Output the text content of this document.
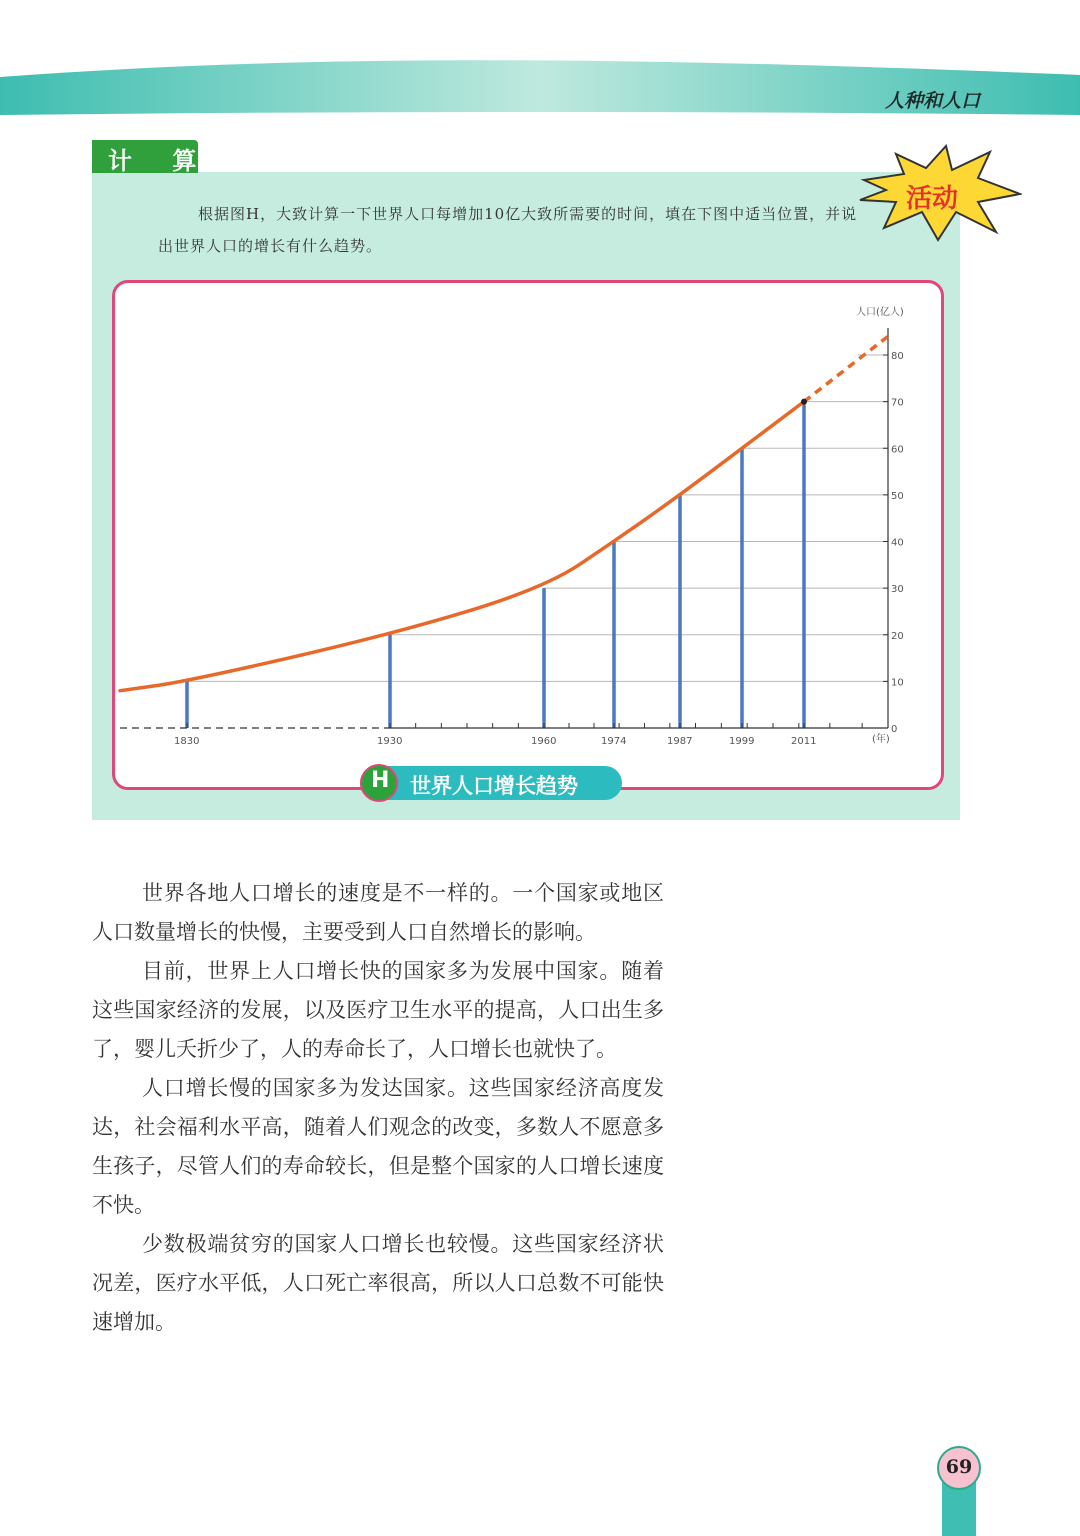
人种和人口
计 算
活动
根据图H，大致计算一下世界人口每增加10亿大致所需要的时间，填在下图中适当位置，并说出世界人口的增长有什么趋势。
0
10
20
30
40
50
60
70
80
人口(亿人)
1830	1930	1960	1974	1987	1999	2011	(年)
H 世界人口增长趋势

世界各地人口增长的速度是不一样的。一个国家或地区人口数量增长的快慢，主要受到人口自然增长的影响。

目前，世界上人口增长快的国家多为发展中国家。随着这些国家经济的发展，以及医疗卫生水平的提高，人口出生多了，婴儿夭折少了，人的寿命长了，人口增长也就快了。

人口增长慢的国家多为发达国家。这些国家经济高度发达，社会福利水平高，随着人们观念的改变，多数人不愿意多生孩子，尽管人们的寿命较长，但是整个国家的人口增长速度不快。

少数极端贫穷的国家人口增长也较慢。这些国家经济状况差，医疗水平低，人口死亡率很高，所以人口总数不可能快速增加。

69
